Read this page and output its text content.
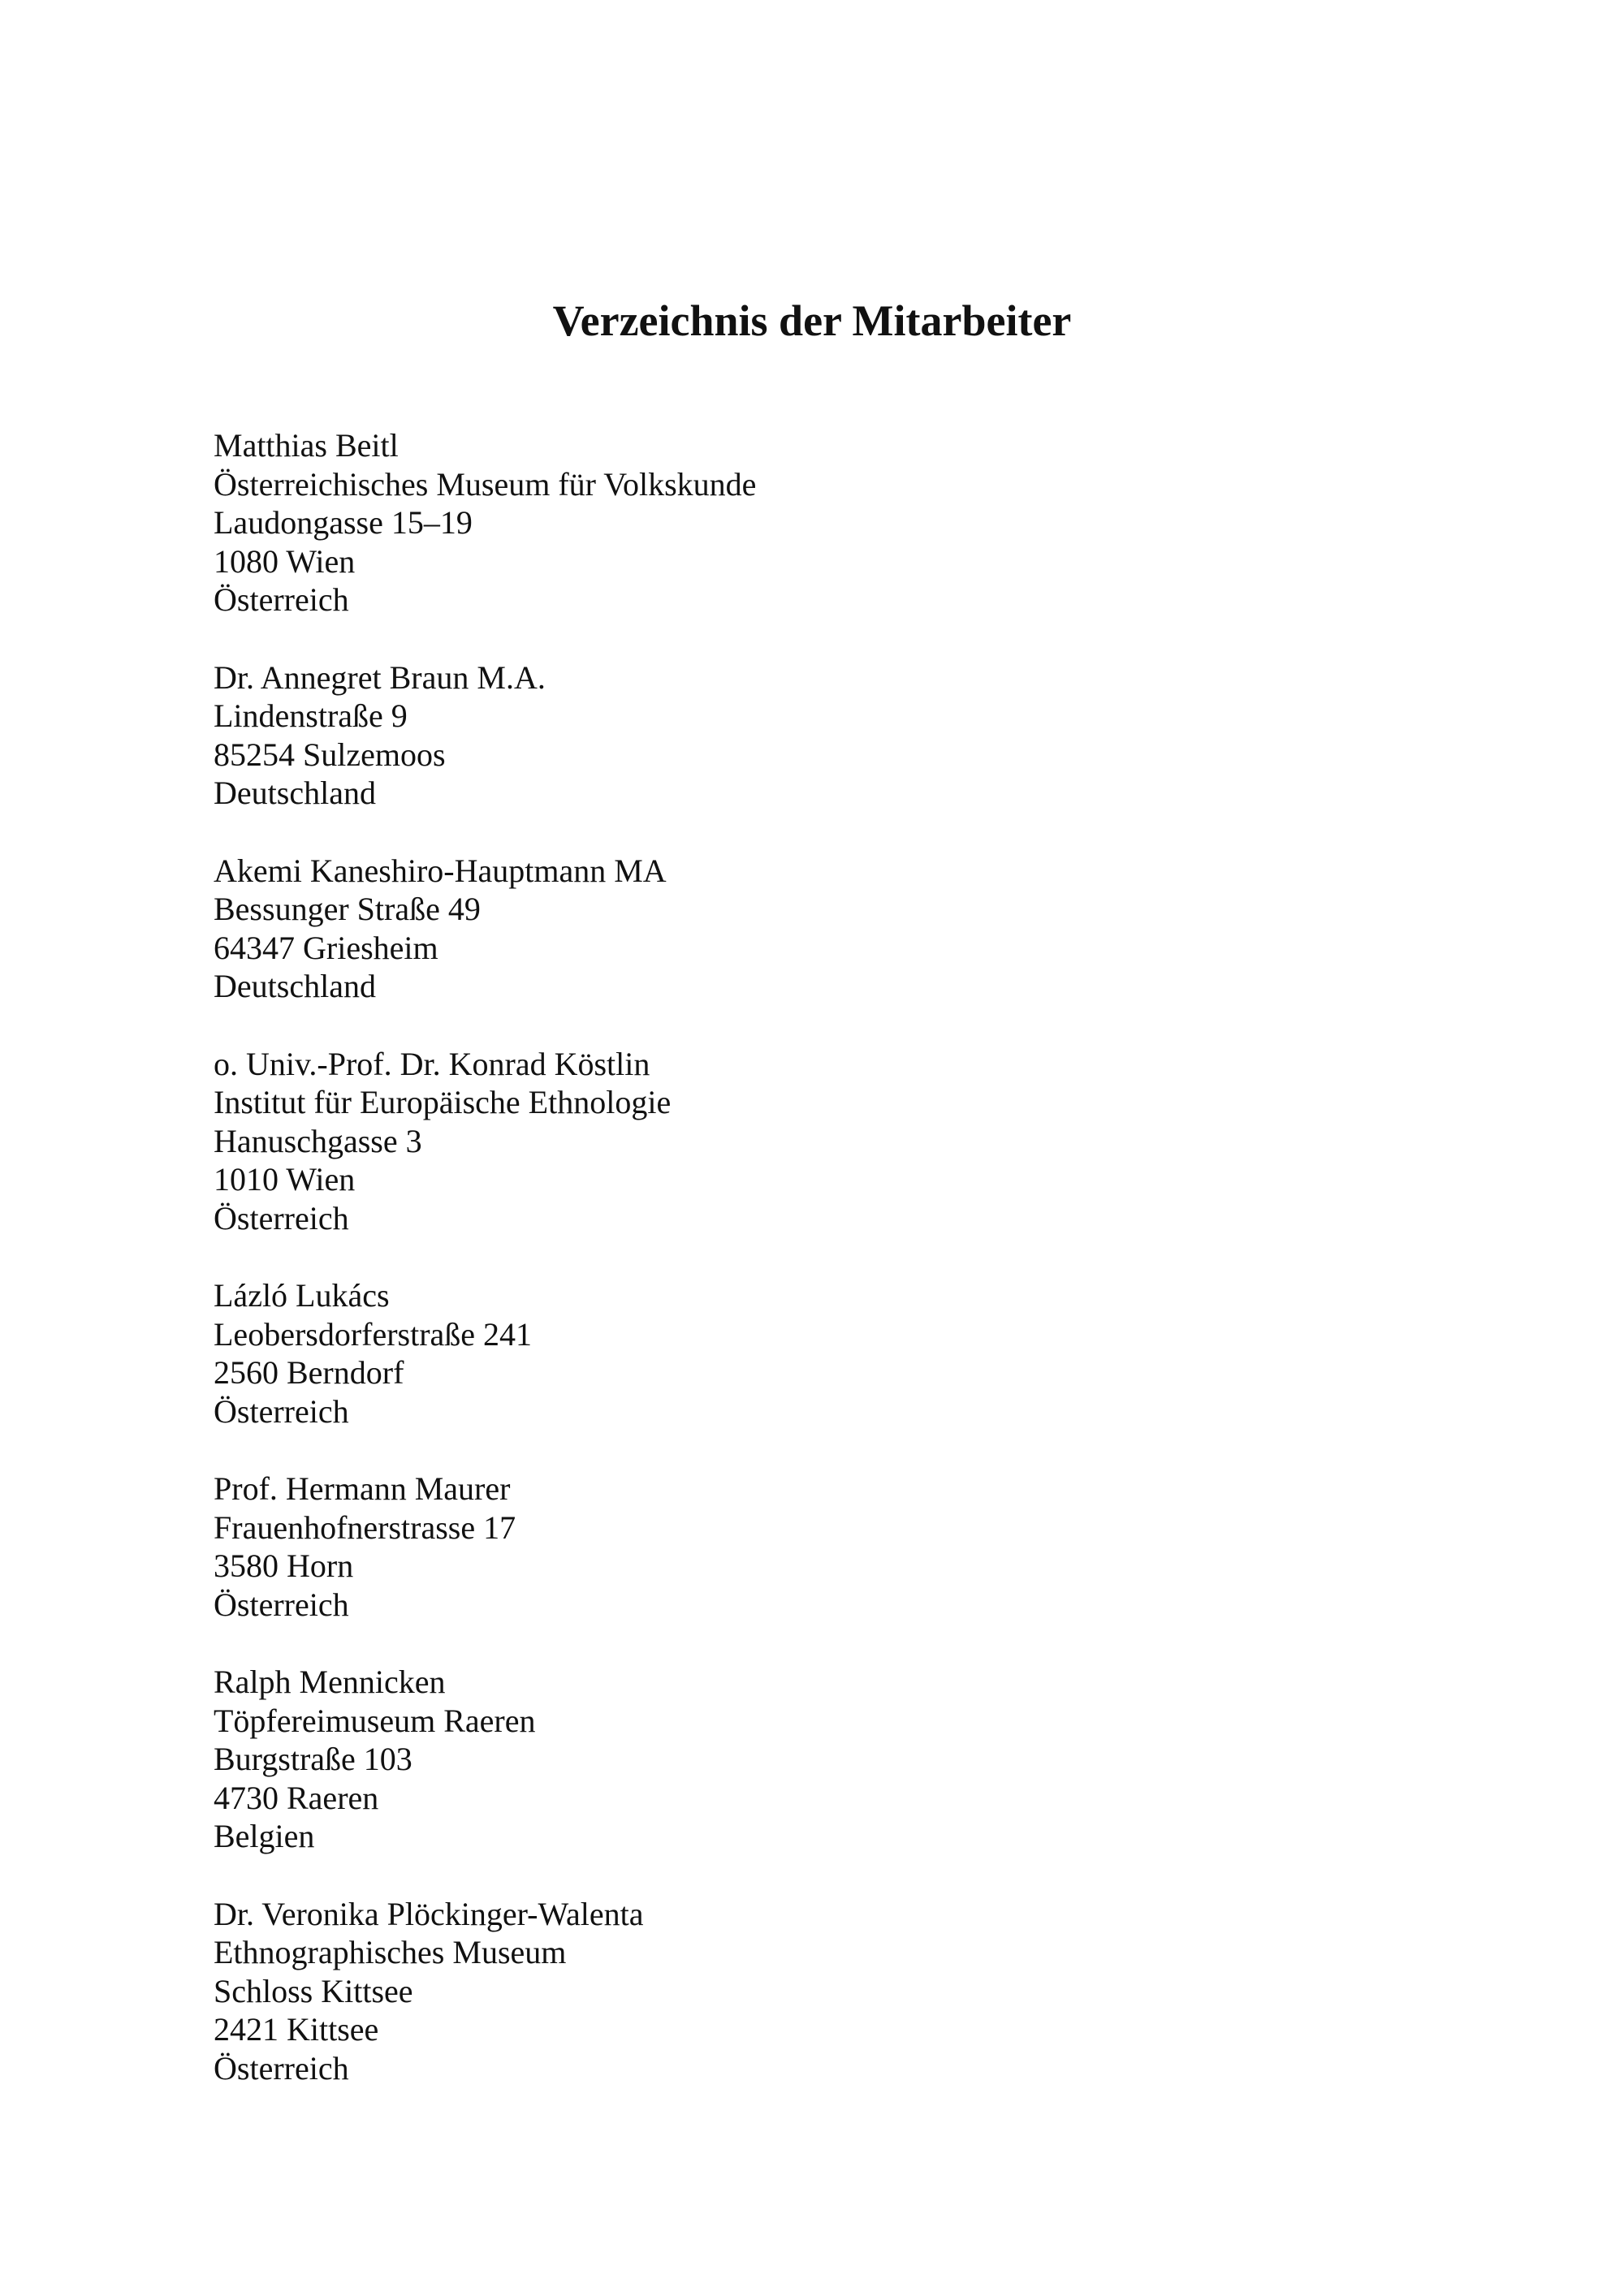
Verzeichnis der Mitarbeiter
Matthias Beitl
Österreichisches Museum für Volkskunde
Laudongasse 15–19
1080 Wien
Österreich
Dr. Annegret Braun M.A.
Lindenstraße 9
85254 Sulzemoos
Deutschland
Akemi Kaneshiro-Hauptmann MA
Bessunger Straße 49
64347 Griesheim
Deutschland
o. Univ.-Prof. Dr. Konrad Köstlin
Institut für Europäische Ethnologie
Hanuschgasse 3
1010 Wien
Österreich
Lázló Lukács
Leobersdorferstraße 241
2560 Berndorf
Österreich
Prof. Hermann Maurer
Frauenhofnerstrasse 17
3580 Horn
Österreich
Ralph Mennicken
Töpfereimuseum Raeren
Burgstraße 103
4730 Raeren
Belgien
Dr. Veronika Plöckinger-Walenta
Ethnographisches Museum
Schloss Kittsee
2421 Kittsee
Österreich
